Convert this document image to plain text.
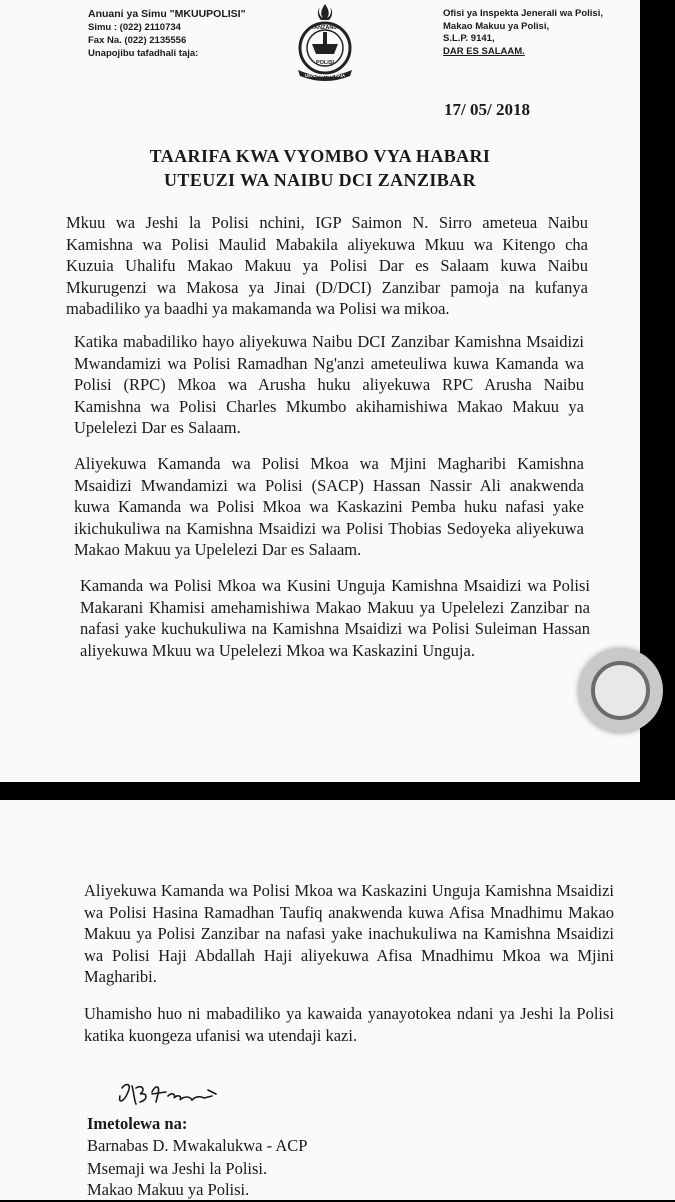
Anuani ya Simu "MKUUPOLISI"
Simu : (022) 2110734
Fax Na. (022) 2135556
Unapojibu tafadhali taja:
TANZANIA
POLISI
USALAMA WA RAIA
Ofisi ya Inspekta Jenerali wa Polisi,
Makao Makuu ya Polisi,
S.L.P. 9141,
DAR ES SALAAM.
17/ 05/ 2018
TAARIFA KWA VYOMBO VYA HABARI
UTEUZI WA NAIBU DCI ZANZIBAR
Mkuu wa Jeshi la Polisi nchini, IGP Saimon N. Sirro ameteua Naibu Kamishna wa Polisi Maulid Mabakila aliyekuwa Mkuu wa Kitengo cha Kuzuia Uhalifu Makao Makuu ya Polisi Dar es Salaam kuwa Naibu Mkurugenzi wa Makosa ya Jinai (D/DCI) Zanzibar pamoja na kufanya mabadiliko ya baadhi ya makamanda wa Polisi wa mikoa.
Katika mabadiliko hayo aliyekuwa Naibu DCI Zanzibar Kamishna Msaidizi Mwandamizi wa Polisi Ramadhan Ng'anzi ameteuliwa kuwa Kamanda wa Polisi (RPC) Mkoa wa Arusha huku aliyekuwa RPC Arusha Naibu Kamishna wa Polisi Charles Mkumbo akihamishiwa Makao Makuu ya Upelelezi Dar es Salaam.
Aliyekuwa Kamanda wa Polisi Mkoa wa Mjini Magharibi Kamishna Msaidizi Mwandamizi wa Polisi (SACP) Hassan Nassir Ali anakwenda kuwa Kamanda wa Polisi Mkoa wa Kaskazini Pemba huku nafasi yake ikichukuliwa na Kamishna Msaidizi wa Polisi Thobias Sedoyeka aliyekuwa Makao Makuu ya Upelelezi Dar es Salaam.
Kamanda wa Polisi Mkoa wa Kusini Unguja Kamishna Msaidizi wa Polisi Makarani Khamisi amehamishiwa Makao Makuu ya Upelelezi Zanzibar na nafasi yake kuchukuliwa na Kamishna Msaidizi wa Polisi Suleiman Hassan aliyekuwa Mkuu wa Upelelezi Mkoa wa Kaskazini Unguja.
Aliyekuwa Kamanda wa Polisi Mkoa wa Kaskazini Unguja Kamishna Msaidizi wa Polisi Hasina Ramadhan Taufiq anakwenda kuwa Afisa Mnadhimu Makao Makuu ya Polisi Zanzibar na nafasi yake inachukuliwa na Kamishna Msaidizi wa Polisi Haji Abdallah Haji aliyekuwa Afisa Mnadhimu Mkoa wa Mjini Magharibi.
Uhamisho huo ni mabadiliko ya kawaida yanayotokea ndani ya Jeshi la Polisi katika kuongeza ufanisi wa utendaji kazi.
Imetolewa na:
Barnabas D. Mwakalukwa - ACP
Msemaji wa Jeshi la Polisi.
Makao Makuu ya Polisi.
